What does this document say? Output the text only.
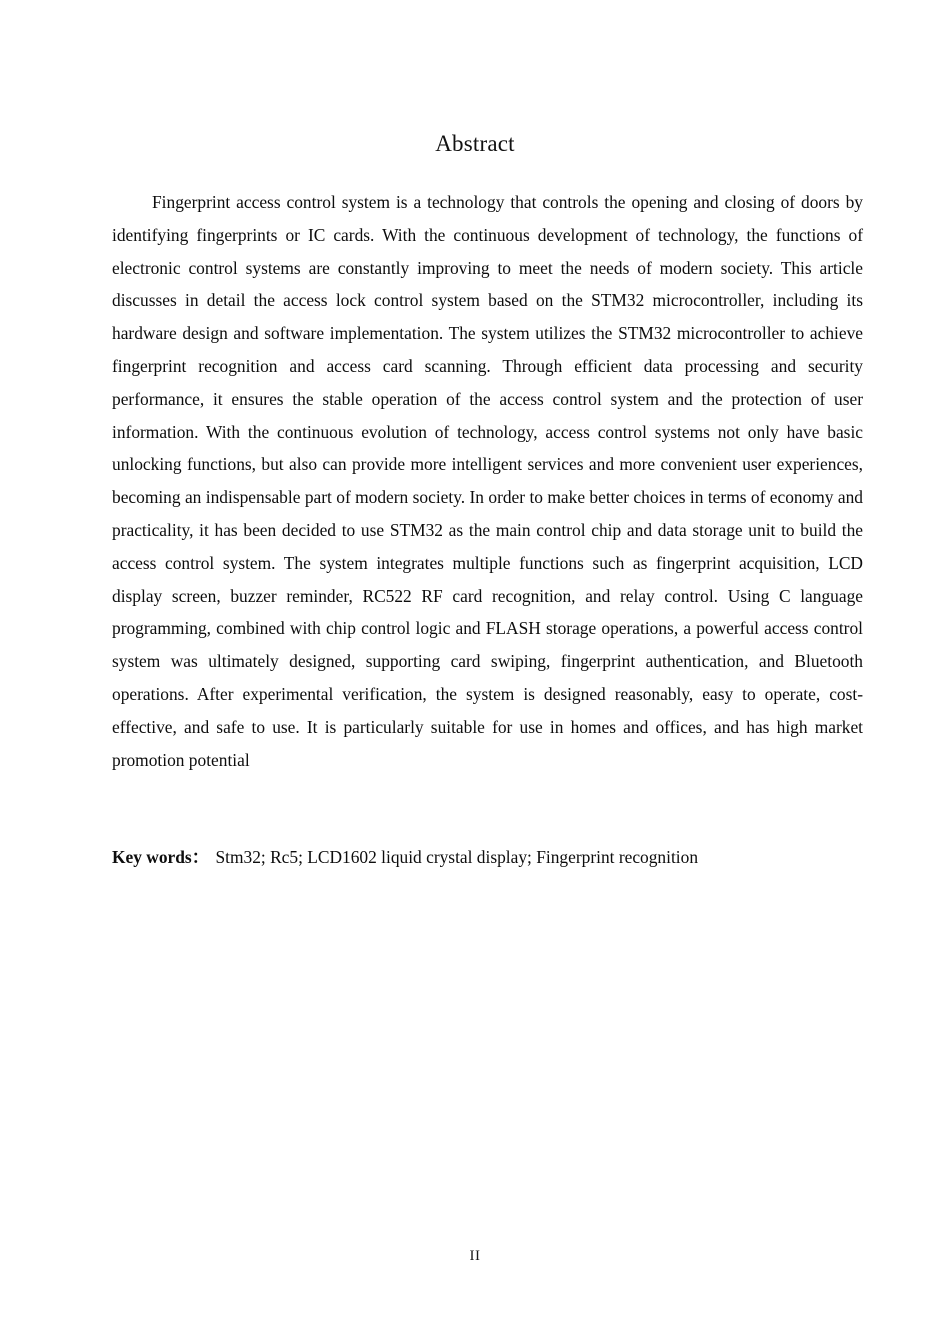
Abstract

Fingerprint access control system is a technology that controls the opening and closing of doors by identifying fingerprints or IC cards. With the continuous development of technology, the functions of electronic control systems are constantly improving to meet the needs of modern society. This article discusses in detail the access lock control system based on the STM32 microcontroller, including its hardware design and software implementation. The system utilizes the STM32 microcontroller to achieve fingerprint recognition and access card scanning. Through efficient data processing and security performance, it ensures the stable operation of the access control system and the protection of user information. With the continuous evolution of technology, access control systems not only have basic unlocking functions, but also can provide more intelligent services and more convenient user experiences, becoming an indispensable part of modern society. In order to make better choices in terms of economy and practicality, it has been decided to use STM32 as the main control chip and data storage unit to build the access control system. The system integrates multiple functions such as fingerprint acquisition, LCD display screen, buzzer reminder, RC522 RF card recognition, and relay control. Using C language programming, combined with chip control logic and FLASH storage operations, a powerful access control system was ultimately designed, supporting card swiping, fingerprint authentication, and Bluetooth operations. After experimental verification, the system is designed reasonably, easy to operate, cost-effective, and safe to use. It is particularly suitable for use in homes and offices, and has high market promotion potential

Key words： Stm32; Rc5; LCD1602 liquid crystal display; Fingerprint recognition
II
